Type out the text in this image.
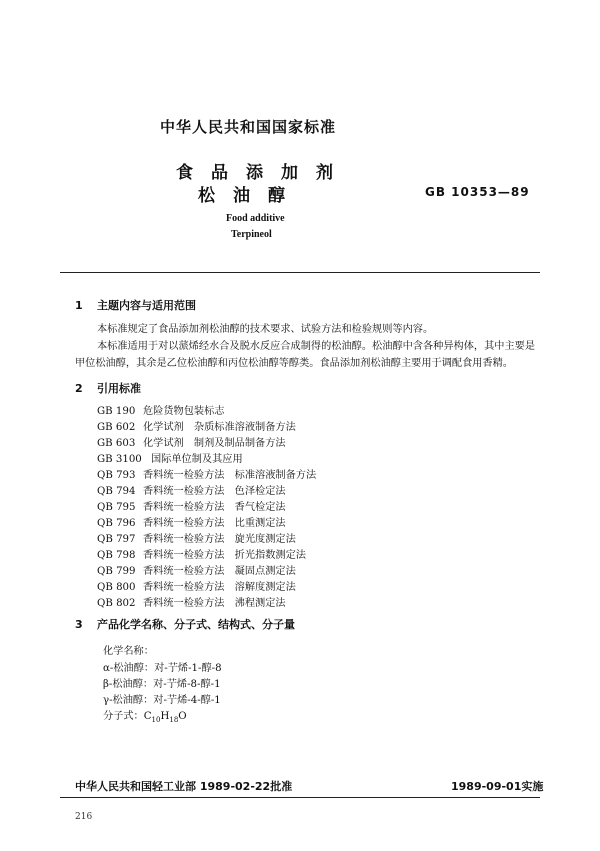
中华人民共和国国家标准
食品添加剂
松油醇	GB 10353—89
Food additive
Terpineol
1 主题内容与适用范围
本标准规定了食品添加剂松油醇的技术要求、试验方法和检验规则等内容。
本标准适用于对以蒎烯经水合及脱水反应合成制得的松油醇。松油醇中含各种异构体，其中主要是
甲位松油醇，其余是乙位松油醇和丙位松油醇等醇类。食品添加剂松油醇主要用于调配食用香精。
2 引用标准
GB 190 危险货物包装标志
GB 602 化学试剂　杂质标准溶液制备方法
GB 603 化学试剂　制剂及制品制备方法
GB 3100 国际单位制及其应用
QB 793 香料统一检验方法　标准溶液制备方法
QB 794 香料统一检验方法　色泽检定法
QB 795 香料统一检验方法　香气检定法
QB 796 香料统一检验方法　比重测定法
QB 797 香料统一检验方法　旋光度测定法
QB 798 香料统一检验方法　折光指数测定法
QB 799 香料统一检验方法　凝固点测定法
QB 800 香料统一检验方法　溶解度测定法
QB 802 香料统一检验方法　沸程测定法
3 产品化学名称、分子式、结构式、分子量
化学名称：
α-松油醇：对-艼烯-1-醇-8
β-松油醇：对-艼烯-8-醇-1
γ-松油醇：对-艼烯-4-醇-1
分子式：$C_{10}H_{18}O$
中华人民共和国轻工业部 1989-02-22批准	1989-09-01实施
216
